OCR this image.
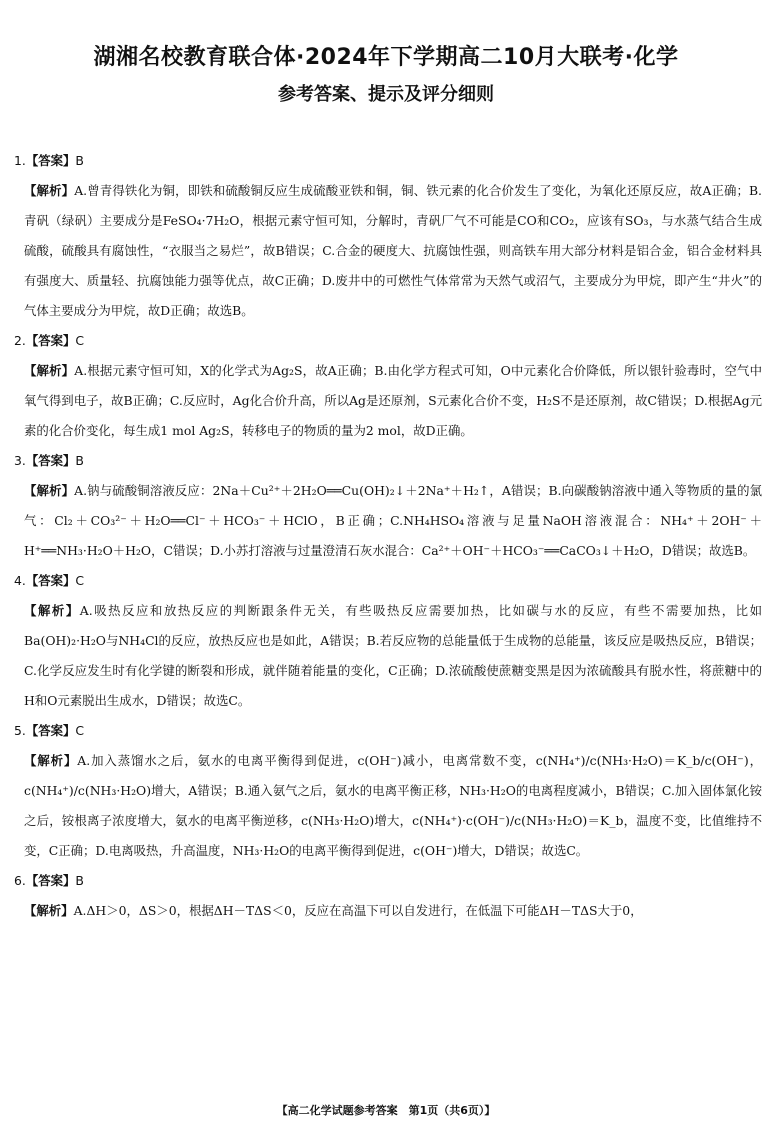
湖湘名校教育联合体·2024年下学期高二10月大联考·化学
参考答案、提示及评分细则
1.【答案】B
【解析】A.曾青得铁化为铜，即铁和硫酸铜反应生成硫酸亚铁和铜，铜、铁元素的化合价发生了变化，为氧化还原反应，故A正确；B.青矾（绿矾）主要成分是FeSO₄·7H₂O，根据元素守恒可知，分解时，青矾厂气不可能是CO和CO₂，应该有SO₃，与水蒸气结合生成硫酸，硫酸具有腐蚀性，“衣服当之易烂”，故B错误；C.合金的硬度大、抗腐蚀性强，则高铁车用大部分材料是铝合金，铝合金材料具有强度大、质量轻、抗腐蚀能力强等优点，故C正确；D.废井中的可燃性气体常常为天然气或沼气，主要成分为甲烷，即产生“井火”的气体主要成分为甲烷，故D正确；故选B。
2.【答案】C
【解析】A.根据元素守恒可知，X的化学式为Ag₂S，故A正确；B.由化学方程式可知，O中元素化合价降低，所以银针验毒时，空气中氧气得到电子，故B正确；C.反应时，Ag化合价升高，所以Ag是还原剂，S元素化合价不变，H₂S不是还原剂，故C错误；D.根据Ag元素的化合价变化，每生成1 mol Ag₂S，转移电子的物质的量为2 mol，故D正确。
3.【答案】B
【解析】A.钠与硫酸铜溶液反应：2Na＋Cu²⁺＋2H₂O══Cu(OH)₂↓＋2Na⁺＋H₂↑，A错误；B.向碳酸钠溶液中通入等物质的量的氯气：Cl₂＋CO₃²⁻＋H₂O══Cl⁻＋HCO₃⁻＋HClO，B正确；C.NH₄HSO₄溶液与足量NaOH溶液混合：NH₄⁺＋2OH⁻＋H⁺══NH₃·H₂O＋H₂O，C错误；D.小苏打溶液与过量澄清石灰水混合：Ca²⁺＋OH⁻＋HCO₃⁻══CaCO₃↓＋H₂O，D错误；故选B。
4.【答案】C
【解析】A.吸热反应和放热反应的判断跟条件无关，有些吸热反应需要加热，比如碳与水的反应，有些不需要加热，比如Ba(OH)₂·H₂O与NH₄Cl的反应，放热反应也是如此，A错误；B.若反应物的总能量低于生成物的总能量，该反应是吸热反应，B错误；C.化学反应发生时有化学键的断裂和形成，就伴随着能量的变化，C正确；D.浓硫酸使蔗糖变黑是因为浓硫酸具有脱水性，将蔗糖中的H和O元素脱出生成水，D错误；故选C。
5.【答案】C
【解析】A.加入蒸馏水之后，氨水的电离平衡得到促进，c(OH⁻)减小，电离常数不变，c(NH₄⁺)/c(NH₃·H₂O)＝K_b/c(OH⁻)，c(NH₄⁺)/c(NH₃·H₂O)增大，A错误；B.通入氨气之后，氨水的电离平衡正移，NH₃·H₂O的电离程度减小，B错误；C.加入固体氯化铵之后，铵根离子浓度增大，氨水的电离平衡逆移，c(NH₃·H₂O)增大，c(NH₄⁺)·c(OH⁻)/c(NH₃·H₂O)＝K_b，温度不变，比值维持不变，C正确；D.电离吸热，升高温度，NH₃·H₂O的电离平衡得到促进，c(OH⁻)增大，D错误；故选C。
6.【答案】B
【解析】A.ΔH＞0，ΔS＞0，根据ΔH－TΔS＜0，反应在高温下可以自发进行，在低温下可能ΔH－TΔS大于0，
【高二化学试题参考答案　第1页（共6页）】
